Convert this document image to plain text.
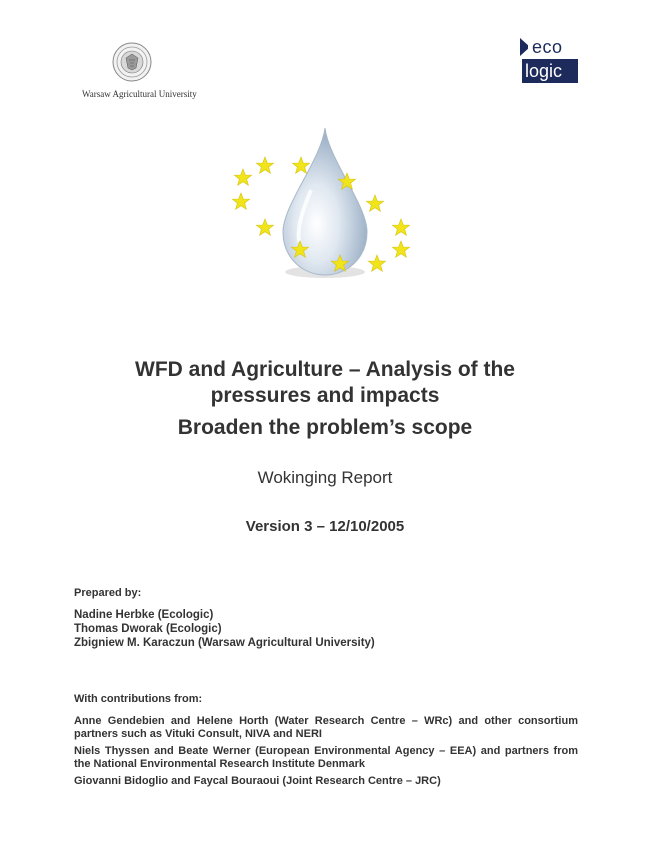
Warsaw Agricultural University
eco
logic
WFD and Agriculture – Analysis of the
pressures and impacts
Broaden the problem’s scope
Wokinging Report
Version 3 – 12/10/2005
Prepared by:
Nadine Herbke (Ecologic)
Thomas Dworak (Ecologic)
Zbigniew M. Karaczun (Warsaw Agricultural University)
With contributions from:
Anne Gendebien and Helene Horth (Water Research Centre – WRc) and other consortium partners such as Vituki Consult, NIVA and NERI
Niels Thyssen and Beate Werner (European Environmental Agency – EEA) and partners from the National Environmental Research Institute Denmark
Giovanni Bidoglio and Faycal Bouraoui (Joint Research Centre – JRC)
